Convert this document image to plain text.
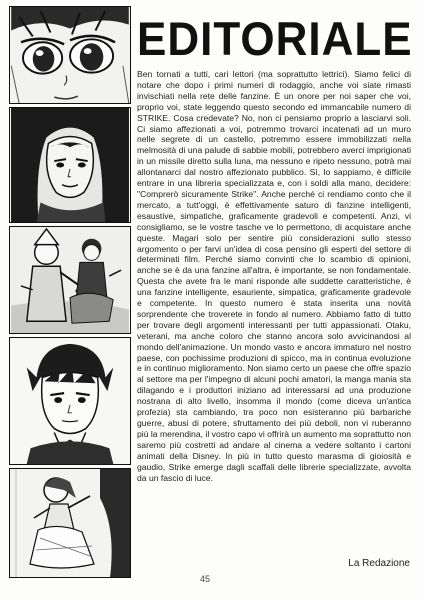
EDITORIALE

Ben tornati a tutti, cari lettori (ma soprattutto lettrici). Siamo felici di notare che dopo i primi numeri di rodaggio, anche voi siate rimasti invischiati nella rete delle fanzine. È un onore per noi saper che voi, proprio voi, state leggendo questo secondo ed immancabile numero di STRIKE. Cosa credevate? No, non ci pensiamo proprio a lasciarvi soli. Ci siamo affezionati a voi, potremmo trovarci incatenati ad un muro nelle segrete di un castello, potremmo essere immobilizzati nella melmosità di una palude di sabbie mobili, potrebbero averci imprigionati in un missile diretto sulla luna, ma nessuno e ripeto nessuno, potrà mai allontanarci dal nostro affezionato pubblico. Sì, lo sappiamo, è difficile entrare in una libreria specializzata e, con i soldi alla mano, decidere: "Comprerò sicuramente Strike". Anche perché ci rendiamo conto che il mercato, a tutt'oggi, è effettivamente saturo di fanzine intelligenti, esaustive, simpatiche, graficamente gradevoli e competenti. Anzi, vi consigliamo, se le vostre tasche ve lo permettono, di acquistare anche queste. Magari solo per sentire più considerazioni sullo stesso argomento o per farvi un'idea di cosa pensino gli esperti del settore di determinati film. Perché siamo convinti che lo scambio di opinioni, anche se è da una fanzine all'altra, è importante, se non fondamentale. Questa che avete fra le mani risponde alle suddette caratteristiche, è una fanzine intelligente, esauriente, simpatica, graficamente gradevole e competente. In questo numero è stata inserita una novità sorprendente che troverete in fondo al numero. Abbiamo fatto di tutto per trovare degli argomenti interessanti per tutti appassionati. Otaku, veterani, ma anche coloro che stanno ancora solo avvicinandosi al mondo dell'animazione. Un mondo vasto e ancora immaturo nel nostro paese, con pochissime produzioni di spicco, ma in continua evoluzione e in continuo miglioramento. Non siamo certo un paese che offre spazio al settore ma per l'impegno di alcuni pochi amatori, la manga mania sta dilagando e i produttori iniziano ad interessarsi ad una produzione nostrana di alto livello, insomma il mondo (come diceva un'antica profezia) sta cambiando, tra poco non esisteranno più barbariche guerre, abusi di potere, sfruttamento dei più deboli, non vi ruberanno più la merendina, il vostro capo vi offrirà un aumento ma soprattutto non saremo più costretti ad andare al cinema a vedere soltanto i cartoni animati della Disney. In più in tutto questo marasma di gioiosità e gaudio, Strike emerge dagli scaffali delle librerie specializzate, avvolta da un fascio di luce.

La Redazione
45
